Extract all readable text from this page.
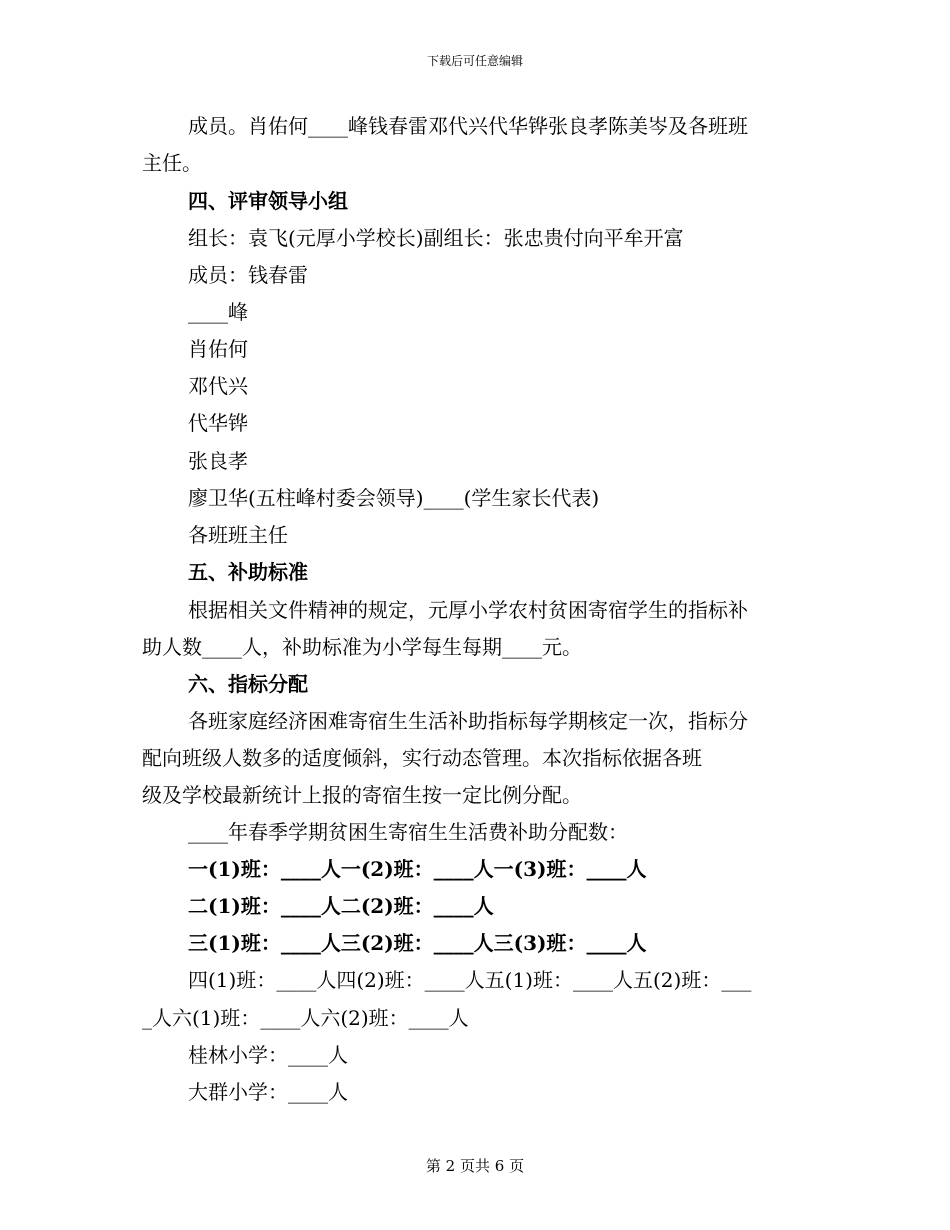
下载后可任意编辑
成员。肖佑何____峰钱春雷邓代兴代华铧张良孝陈美岑及各班班
主任。
四、评审领导小组
组长：袁飞(元厚小学校长)副组长：张忠贵付向平牟开富
成员：钱春雷
____峰
肖佑何
邓代兴
代华铧
张良孝
廖卫华(五柱峰村委会领导)____(学生家长代表)
各班班主任
五、补助标准
根据相关文件精神的规定，元厚小学农村贫困寄宿学生的指标补
助人数____人，补助标准为小学每生每期____元。
六、指标分配
各班家庭经济困难寄宿生生活补助指标每学期核定一次，指标分
配向班级人数多的适度倾斜，实行动态管理。本次指标依据各班
级及学校最新统计上报的寄宿生按一定比例分配。
____年春季学期贫困生寄宿生生活费补助分配数：
一(1)班：____人一(2)班：____人一(3)班：____人
二(1)班：____人二(2)班：____人
三(1)班：____人三(2)班：____人三(3)班：____人
四(1)班：____人四(2)班：____人五(1)班：____人五(2)班：___
_人六(1)班：____人六(2)班：____人
桂林小学：____人
大群小学：____人
第 2 页共 6 页
